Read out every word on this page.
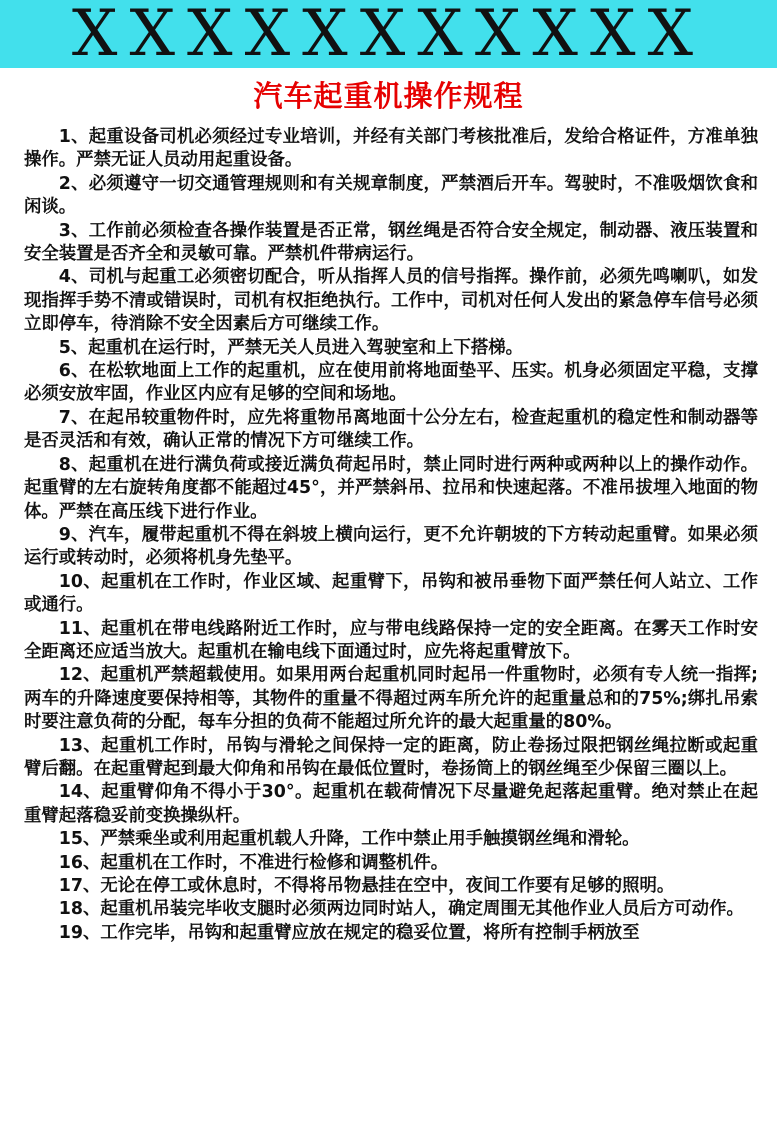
XXXXXXXXXXX
汽车起重机操作规程

1、起重设备司机必须经过专业培训，并经有关部门考核批准后，发给合格证件，方准单独操作。严禁无证人员动用起重设备。

2、必须遵守一切交通管理规则和有关规章制度，严禁酒后开车。驾驶时，不准吸烟饮食和闲谈。

3、工作前必须检查各操作装置是否正常，钢丝绳是否符合安全规定，制动器、液压装置和安全装置是否齐全和灵敏可靠。严禁机件带病运行。

4、司机与起重工必须密切配合，听从指挥人员的信号指挥。操作前，必须先鸣喇叭，如发现指挥手势不清或错误时，司机有权拒绝执行。工作中，司机对任何人发出的紧急停车信号必须立即停车，待消除不安全因素后方可继续工作。

5、起重机在运行时，严禁无关人员进入驾驶室和上下搭梯。

6、在松软地面上工作的起重机，应在使用前将地面垫平、压实。机身必须固定平稳，支撑必须安放牢固，作业区内应有足够的空间和场地。

7、在起吊较重物件时，应先将重物吊离地面十公分左右，检查起重机的稳定性和制动器等是否灵活和有效，确认正常的情况下方可继续工作。

8、起重机在进行满负荷或接近满负荷起吊时，禁止同时进行两种或两种以上的操作动作。起重臂的左右旋转角度都不能超过45°，并严禁斜吊、拉吊和快速起落。不准吊拔埋入地面的物体。严禁在高压线下进行作业。

9、汽车，履带起重机不得在斜坡上横向运行，更不允许朝坡的下方转动起重臂。如果必须运行或转动时，必须将机身先垫平。

10、起重机在工作时，作业区域、起重臂下，吊钩和被吊垂物下面严禁任何人站立、工作或通行。

11、起重机在带电线路附近工作时，应与带电线路保持一定的安全距离。在雾天工作时安全距离还应适当放大。起重机在输电线下面通过时，应先将起重臂放下。

12、起重机严禁超载使用。如果用两台起重机同时起吊一件重物时，必须有专人统一指挥;两车的升降速度要保持相等，其物件的重量不得超过两车所允许的起重量总和的75%;绑扎吊索时要注意负荷的分配，每车分担的负荷不能超过所允许的最大起重量的80%。

13、起重机工作时，吊钩与滑轮之间保持一定的距离，防止卷扬过限把钢丝绳拉断或起重臂后翻。在起重臂起到最大仰角和吊钩在最低位置时，卷扬筒上的钢丝绳至少保留三圈以上。

14、起重臂仰角不得小于30°。起重机在载荷情况下尽量避免起落起重臂。绝对禁止在起重臂起落稳妥前变换操纵杆。

15、严禁乘坐或利用起重机载人升降，工作中禁止用手触摸钢丝绳和滑轮。

16、起重机在工作时，不准进行检修和调整机件。

17、无论在停工或休息时，不得将吊物悬挂在空中，夜间工作要有足够的照明。

18、起重机吊装完毕收支腿时必须两边同时站人，确定周围无其他作业人员后方可动作。

19、工作完毕，吊钩和起重臂应放在规定的稳妥位置，将所有控制手柄放至
